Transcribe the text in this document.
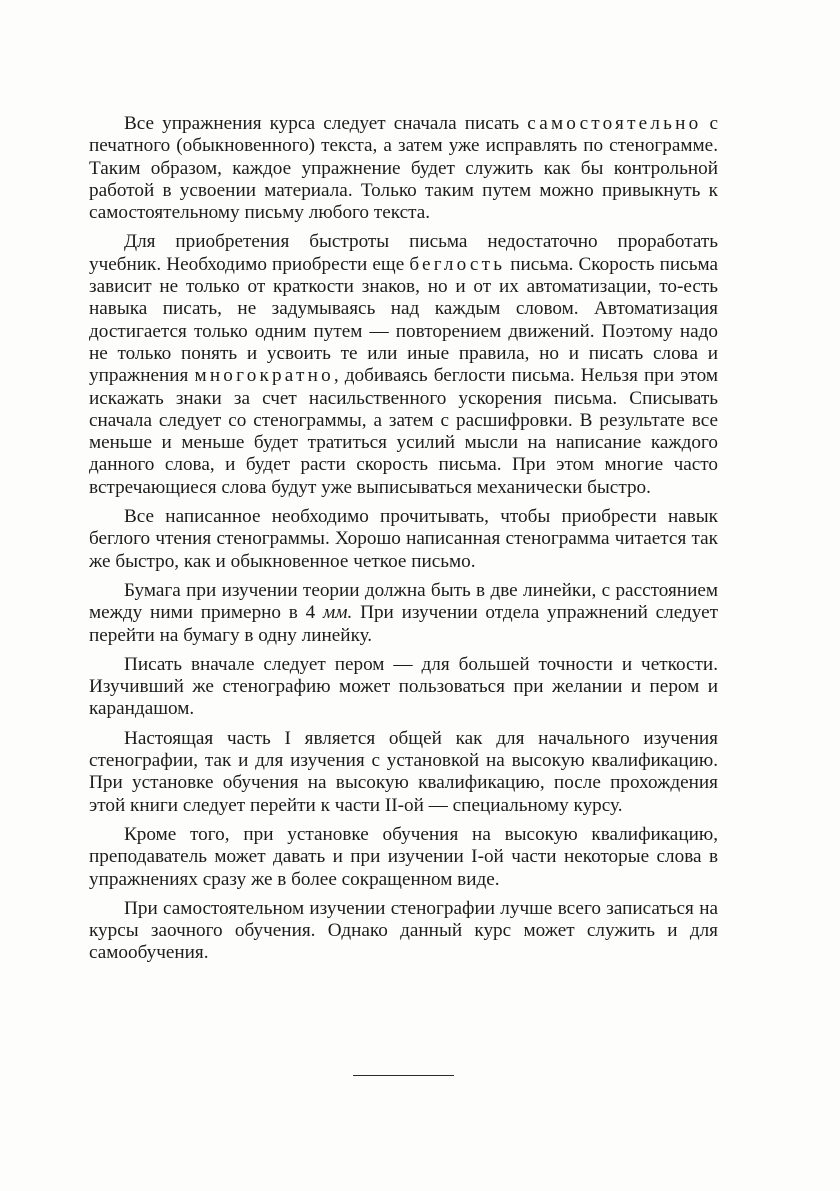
Все упражнения курса следует сначала писать самостоятельно с печатного (обыкновенного) текста, а затем уже исправлять по стенограмме. Таким образом, каждое упражнение будет служить как бы контрольной работой в усвоении материала. Только таким путем можно привыкнуть к самостоятельному письму любого текста.

Для приобретения быстроты письма недостаточно проработать учебник. Необходимо приобрести еще беглость письма. Скорость письма зависит не только от краткости знаков, но и от их автоматизации, то-есть навыка писать, не задумываясь над каждым словом. Автоматизация достигается только одним путем — повторением движений. Поэтому надо не только понять и усвоить те или иные правила, но и писать слова и упражнения многократно, добиваясь беглости письма. Нельзя при этом искажать знаки за счет насильственного ускорения письма. Списывать сначала следует со стенограммы, а затем с расшифровки. В результате все меньше и меньше будет тратиться усилий мысли на написание каждого данного слова, и будет расти скорость письма. При этом многие часто встречающиеся слова будут уже выписываться механически быстро.

Все написанное необходимо прочитывать, чтобы приобрести навык беглого чтения стенограммы. Хорошо написанная стенограмма читается так же быстро, как и обыкновенное четкое письмо.

Бумага при изучении теории должна быть в две линейки, с расстоянием между ними примерно в 4 мм. При изучении отдела упражнений следует перейти на бумагу в одну линейку.

Писать вначале следует пером — для большей точности и четкости. Изучивший же стенографию может пользоваться при желании и пером и карандашом.

Настоящая часть I является общей как для начального изучения стенографии, так и для изучения с установкой на высокую квалификацию. При установке обучения на высокую квалификацию, после прохождения этой книги следует перейти к части II-ой — специальному курсу.

Кроме того, при установке обучения на высокую квалификацию, преподаватель может давать и при изучении I-ой части некоторые слова в упражнениях сразу же в более сокращенном виде.

При самостоятельном изучении стенографии лучше всего записаться на курсы заочного обучения. Однако данный курс может служить и для самообучения.
